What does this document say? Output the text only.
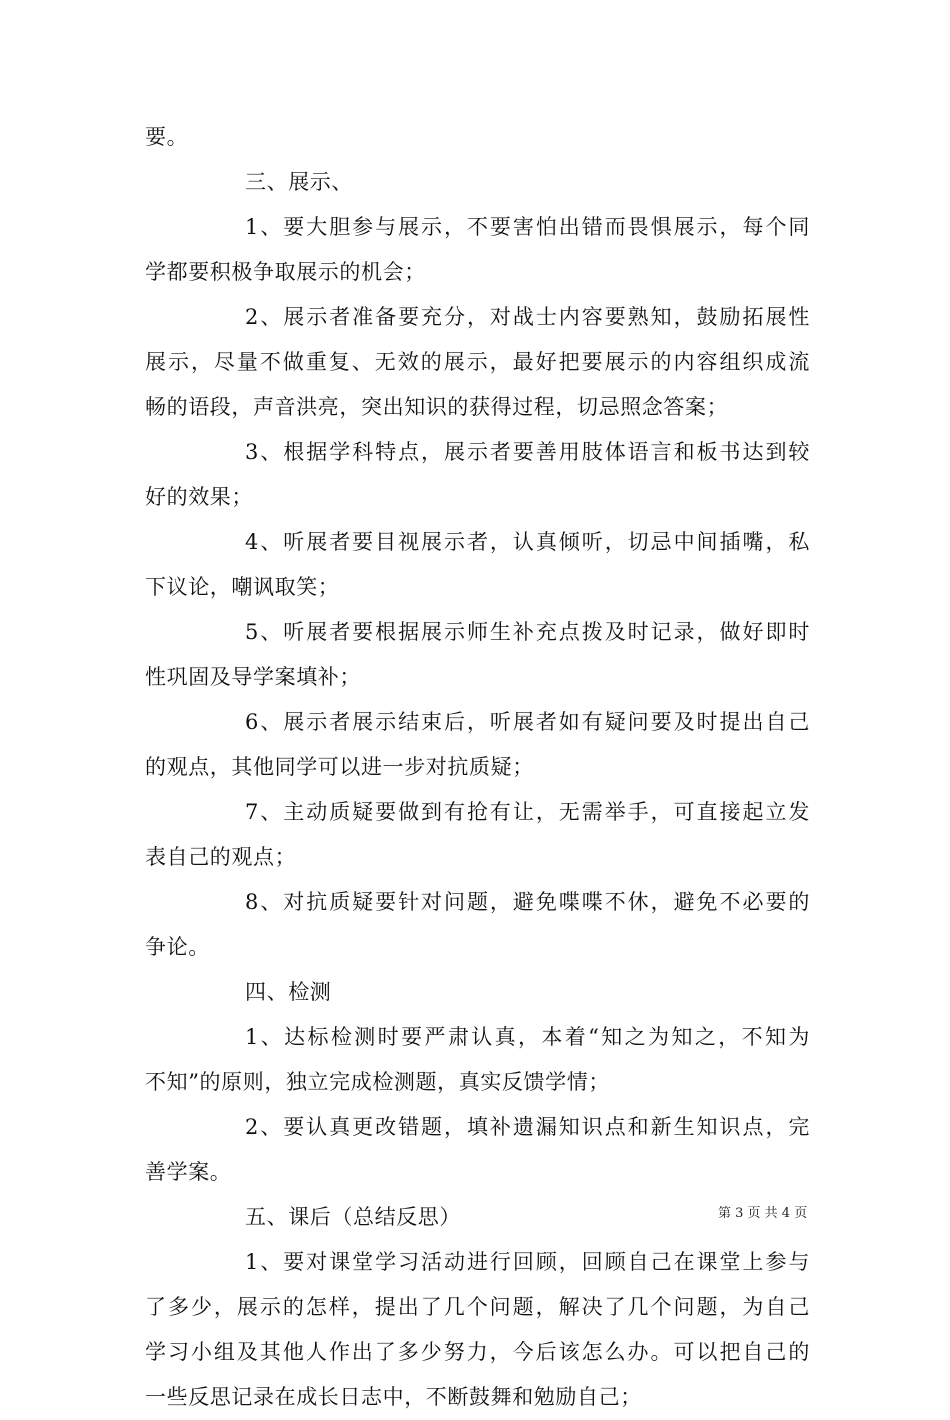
要。
三、展示、
1、要大胆参与展示，不要害怕出错而畏惧展示，每个同
学都要积极争取展示的机会；
2、展示者准备要充分，对战士内容要熟知，鼓励拓展性
展示，尽量不做重复、无效的展示，最好把要展示的内容组织成流
畅的语段，声音洪亮，突出知识的获得过程，切忌照念答案；
3、根据学科特点，展示者要善用肢体语言和板书达到较
好的效果；
4、听展者要目视展示者，认真倾听，切忌中间插嘴，私
下议论，嘲讽取笑；
5、听展者要根据展示师生补充点拨及时记录，做好即时
性巩固及导学案填补；
6、展示者展示结束后，听展者如有疑问要及时提出自己
的观点，其他同学可以进一步对抗质疑；
7、主动质疑要做到有抢有让，无需举手，可直接起立发
表自己的观点；
8、对抗质疑要针对问题，避免喋喋不休，避免不必要的
争论。
四、检测
1、达标检测时要严肃认真，本着“知之为知之，不知为
不知”的原则，独立完成检测题，真实反馈学情；
2、要认真更改错题，填补遗漏知识点和新生知识点，完
善学案。
五、课后（总结反思）
1、要对课堂学习活动进行回顾，回顾自己在课堂上参与
了多少，展示的怎样，提出了几个问题，解决了几个问题，为自己
学习小组及其他人作出了多少努力，今后该怎么办。可以把自己的
一些反思记录在成长日志中，不断鼓舞和勉励自己；
第 3 页 共 4 页
